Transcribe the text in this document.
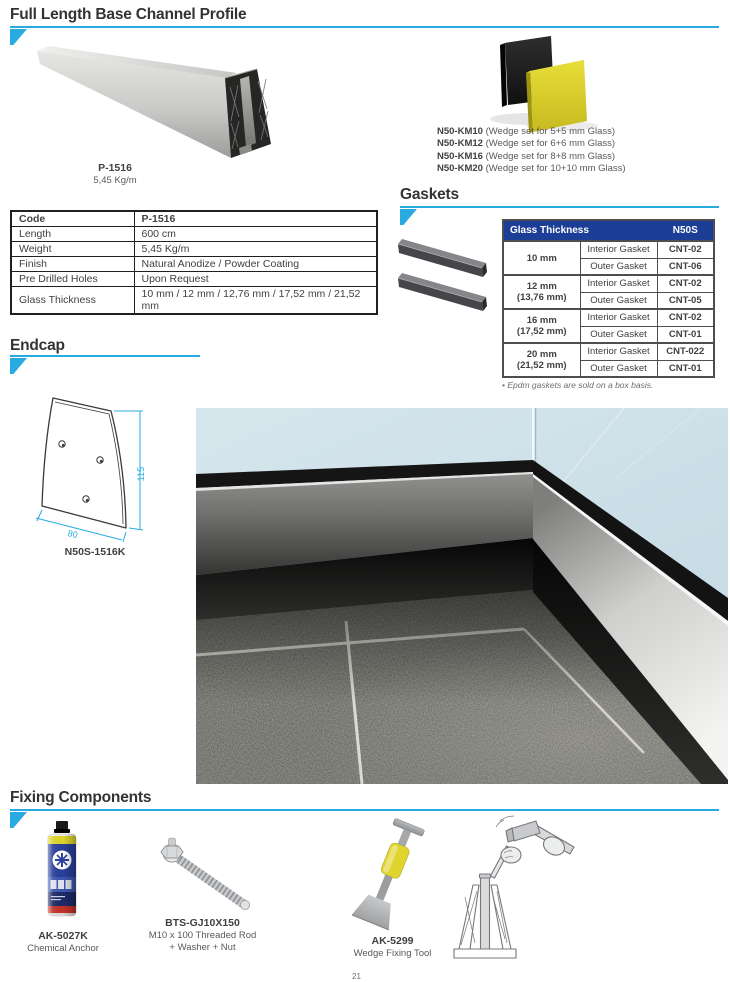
Full Length Base Channel Profile
P-1516
5,45 Kg/m
N50-KM10 (Wedge set for 5+5 mm Glass)
N50-KM12 (Wedge set for 6+6 mm Glass)
N50-KM16 (Wedge set for 8+8 mm Glass)
N50-KM20 (Wedge set for 10+10 mm Glass)
Code	P-1516
Length	600 cm
Weight	5,45 Kg/m
Finish	Natural Anodize / Powder Coating
Pre Drilled Holes	Upon Request
Glass Thickness	10 mm / 12 mm / 12,76 mm / 17,52 mm / 21,52 mm
Gaskets
Glass Thickness		N50S

10 mm	Interior Gasket	CNT-02
	Outer Gasket	CNT-06

12 mm
(13,76 mm)	Interior Gasket	CNT-02
	Outer Gasket	CNT-05

16 mm
(17,52 mm)	Interior Gasket	CNT-02
	Outer Gasket	CNT-01

20 mm
(21,52 mm)	Interior Gasket	CNT-022
	Outer Gasket	CNT-01
• Epdm gaskets are sold on a box basis.
Endcap
115
80
N50S-1516K
Fixing Components
AK-5027K
Chemical Anchor
BTS-GJ10X150
M10 x 100 Threaded Rod
+ Washer + Nut
AK-5299
Wedge Fixing Tool
21
